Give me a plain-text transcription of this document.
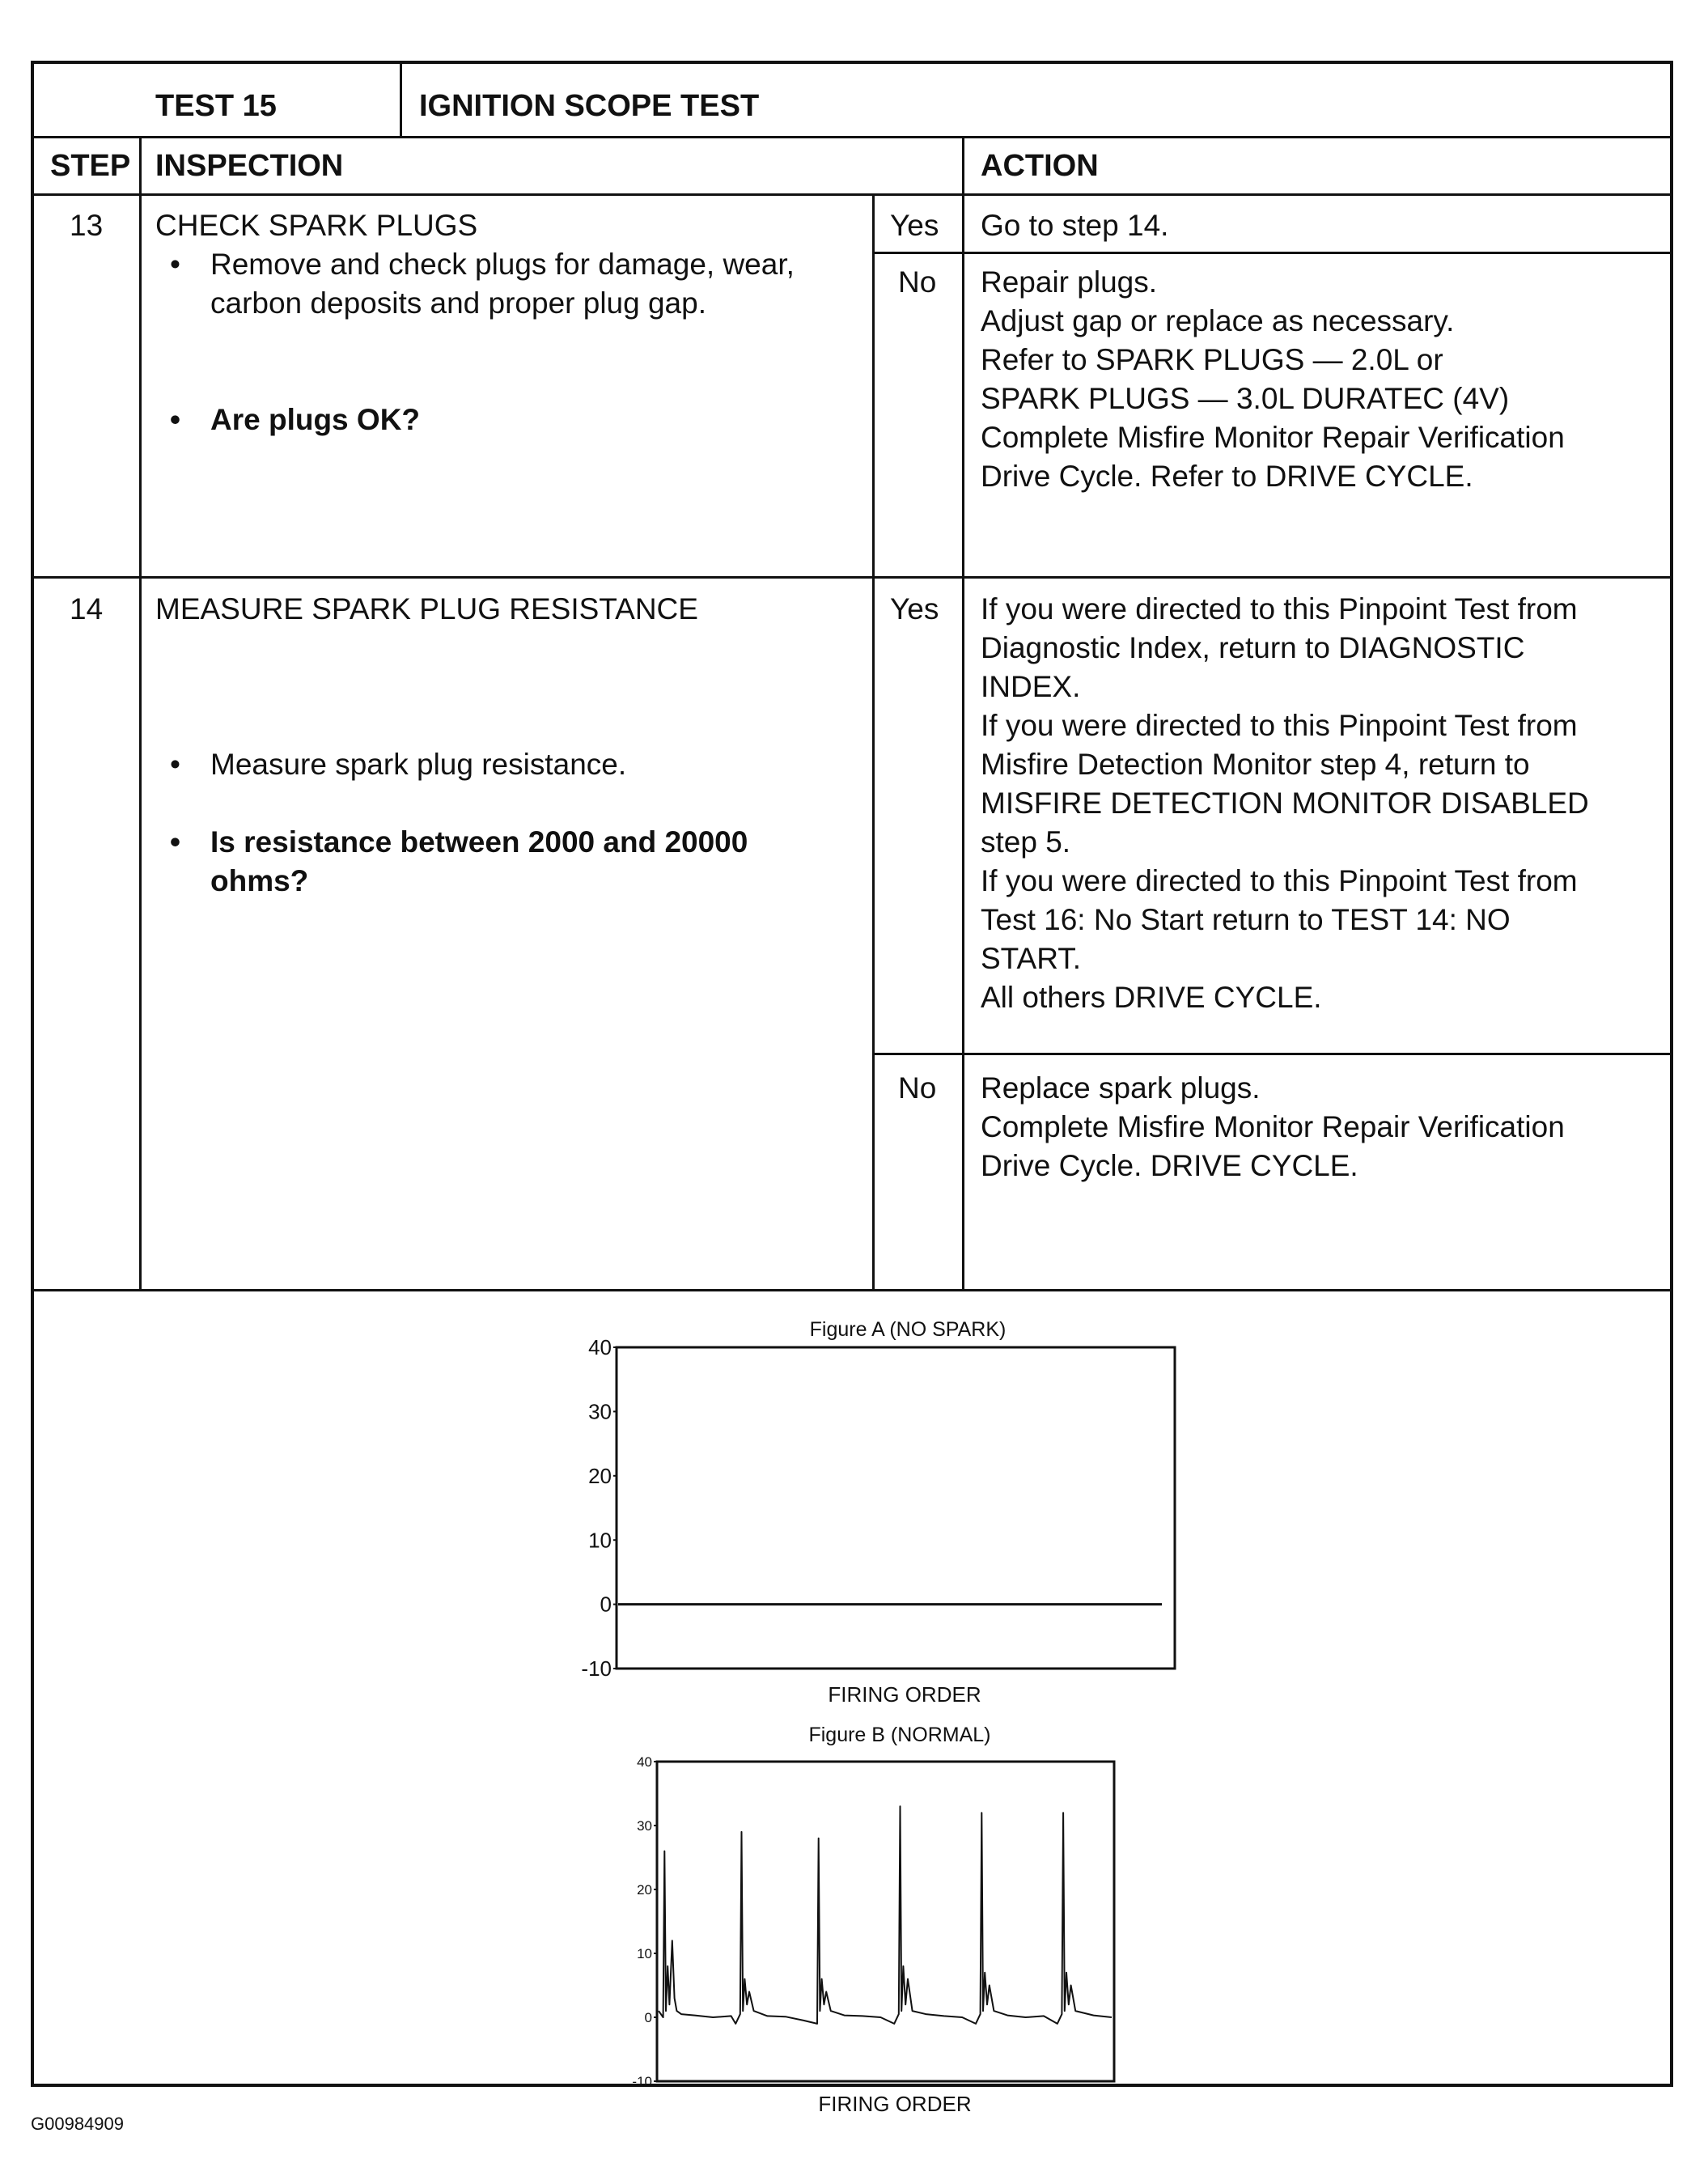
TEST 15	IGNITION SCOPE TEST
STEP INSPECTION	ACTION
13 CHECK SPARK PLUGS
• Remove and check plugs for damage, wear, carbon deposits and proper plug gap.
• Are plugs OK?
Yes Go to step 14.
No Repair plugs.
Adjust gap or replace as necessary.
Refer to SPARK PLUGS — 2.0L or
SPARK PLUGS — 3.0L DURATEC (4V)
Complete Misfire Monitor Repair Verification
Drive Cycle. Refer to DRIVE CYCLE.
14 MEASURE SPARK PLUG RESISTANCE
• Measure spark plug resistance.
• Is resistance between 2000 and 20000 ohms?
Yes If you were directed to this Pinpoint Test from
Diagnostic Index, return to DIAGNOSTIC
INDEX.
If you were directed to this Pinpoint Test from
Misfire Detection Monitor step 4, return to
MISFIRE DETECTION MONITOR DISABLED
step 5.
If you were directed to this Pinpoint Test from
Test 16: No Start return to TEST 14: NO
START.
All others DRIVE CYCLE.
No Replace spark plugs.
Complete Misfire Monitor Repair Verification
Drive Cycle. DRIVE CYCLE.
Figure A (NO SPARK)
40
30
20
10
0
-10
FIRING ORDER
Figure B (NORMAL)
40
30
20
10
0
-10
FIRING ORDER
G00984909
